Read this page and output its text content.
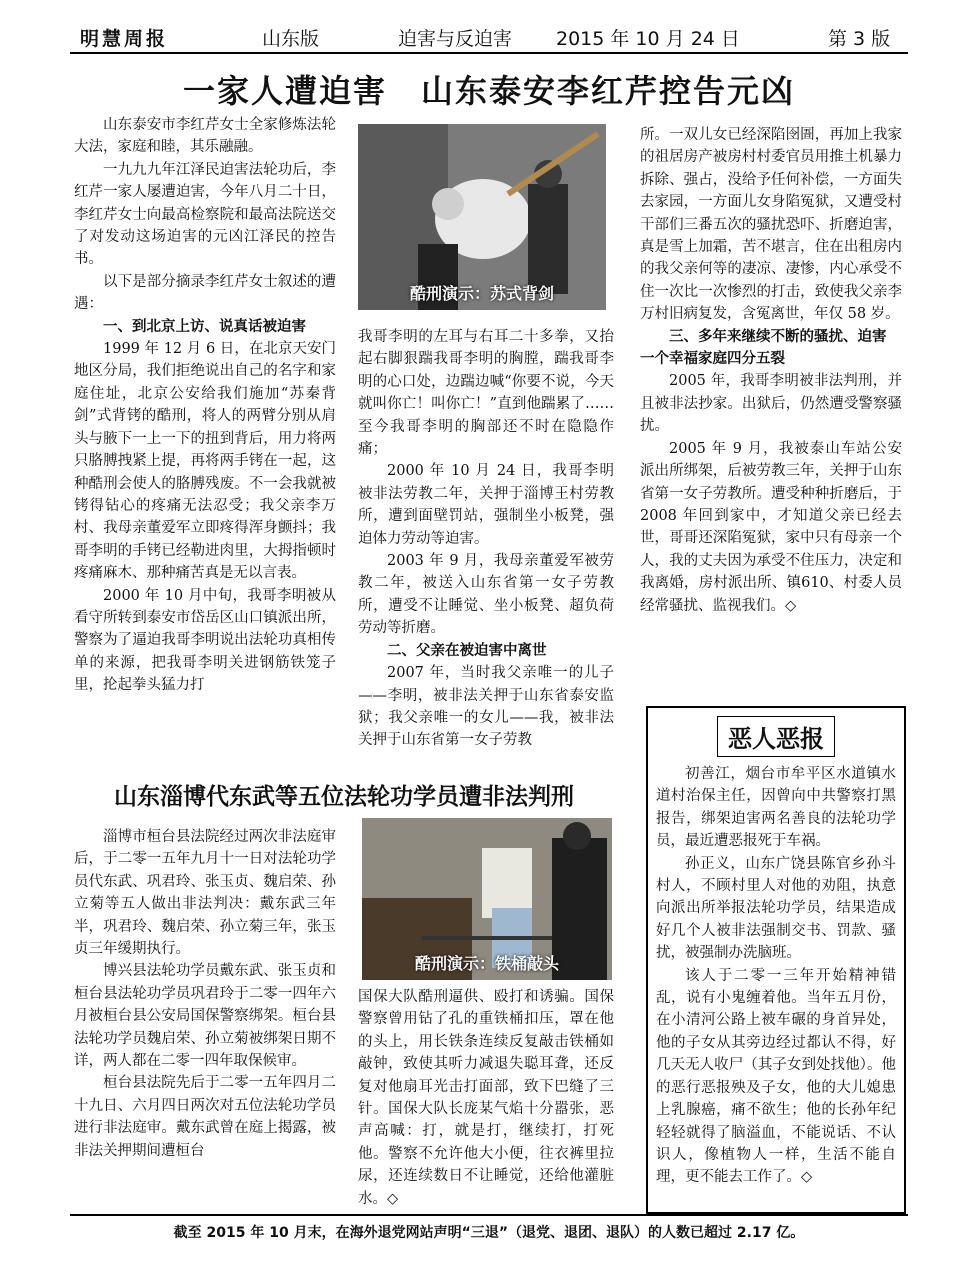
明慧周报	山东版	迫害与反迫害 2015 年 10 月 24 日	第 3 版
一家人遭迫害　山东泰安李红芹控告元凶

山东泰安市李红芹女士全家修炼法轮大法，家庭和睦，其乐融融。

一九九九年江泽民迫害法轮功后，李红芹一家人屡遭迫害，今年八月二十日，李红芹女士向最高检察院和最高法院送交了对发动这场迫害的元凶江泽民的控告书。

以下是部分摘录李红芹女士叙述的遭遇：

一、到北京上访、说真话被迫害

1999 年 12 月 6 日，在北京天安门地区分局，我们拒绝说出自己的名字和家庭住址，北京公安给我们施加“苏秦背剑”式背铐的酷刑，将人的两臂分别从肩头与腋下一上一下的扭到背后，用力将两只胳膊拽紧上提，再将两手铐在一起，这种酷刑会使人的胳膊残废。不一会我就被铐得钻心的疼痛无法忍受；我父亲李万村、我母亲董爱军立即疼得浑身颤抖；我哥李明的手铐已经勒进肉里，大拇指顿时疼痛麻木、那种痛苦真是无以言表。

2000 年 10 月中旬，我哥李明被从看守所转到泰安市岱岳区山口镇派出所，警察为了逼迫我哥李明说出法轮功真相传单的来源，把我哥李明关进钢筋铁笼子里，抡起拳头猛力打

酷刑演示：苏式背剑

我哥李明的左耳与右耳二十多拳，又抬起右脚狠踹我哥李明的胸膛，踹我哥李明的心口处，边踹边喊“你要不说，今天就叫你亡！叫你亡！”直到他踹累了……至今我哥李明的胸部还不时在隐隐作痛；

2000 年 10 月 24 日，我哥李明被非法劳教二年，关押于淄博王村劳教所，遭到面壁罚站，强制坐小板凳，强迫体力劳动等迫害。

2003 年 9 月，我母亲董爱军被劳教二年，被送入山东省第一女子劳教所，遭受不让睡觉、坐小板凳、超负荷劳动等折磨。

二、父亲在被迫害中离世

2007 年，当时我父亲唯一的儿子——李明，被非法关押于山东省泰安监狱；我父亲唯一的女儿——我，被非法关押于山东省第一女子劳教

所。一双儿女已经深陷囹圄，再加上我家的祖居房产被房村村委官员用推土机暴力拆除、强占，没给予任何补偿，一方面失去家园，一方面儿女身陷冤狱，又遭受村干部们三番五次的骚扰恐吓、折磨迫害，真是雪上加霜，苦不堪言，住在出租房内的我父亲何等的凄凉、凄惨，内心承受不住一次比一次惨烈的打击，致使我父亲李万村旧病复发，含冤离世，年仅 58 岁。

三、多年来继续不断的骚扰、迫害　一个幸福家庭四分五裂

2005 年，我哥李明被非法判刑，并且被非法抄家。出狱后，仍然遭受警察骚扰。

2005 年 9 月，我被泰山车站公安派出所绑架，后被劳教三年，关押于山东省第一女子劳教所。遭受种种折磨后，于 2008 年回到家中，才知道父亲已经去世，哥哥还深陷冤狱，家中只有母亲一个人，我的丈夫因为承受不住压力，决定和我离婚，房村派出所、镇610、村委人员经常骚扰、监视我们。◇

山东淄博代东武等五位法轮功学员遭非法判刑

淄博市桓台县法院经过两次非法庭审后，于二零一五年九月十一日对法轮功学员代东武、巩君玲、张玉贞、魏启荣、孙立菊等五人做出非法判决：戴东武三年半，巩君玲、魏启荣、孙立菊三年，张玉贞三年缓期执行。

博兴县法轮功学员戴东武、张玉贞和桓台县法轮功学员巩君玲于二零一四年六月被桓台县公安局国保警察绑架。桓台县法轮功学员魏启荣、孙立菊被绑架日期不详，两人都在二零一四年取保候审。

桓台县法院先后于二零一五年四月二十九日、六月四日两次对五位法轮功学员进行非法庭审。戴东武曾在庭上揭露，被非法关押期间遭桓台

酷刑演示：铁桶敲头

国保大队酷刑逼供、殴打和诱骗。国保警察曾用钻了孔的重铁桶扣压，罩在他的头上，用长铁条连续反复敲击铁桶如敲钟，致使其听力减退失聪耳聋，还反复对他扇耳光击打面部，致下巴缝了三针。国保大队长庞某气焰十分嚣张，恶声高喊：打，就是打，继续打，打死他。警察不允许他大小便，往衣裤里拉尿，还连续数日不让睡觉，还给他灌脏水。◇

恶人恶报

初善江，烟台市牟平区水道镇水道村治保主任，因曾向中共警察打黑报告，绑架迫害两名善良的法轮功学员，最近遭恶报死于车祸。

孙正义，山东广饶县陈官乡孙斗村人，不顾村里人对他的劝阻，执意向派出所举报法轮功学员，结果造成好几个人被非法强制交书、罚款、骚扰，被强制办洗脑班。

该人于二零一三年开始精神错乱，说有小鬼缠着他。当年五月份，在小清河公路上被车碾的身首异处，他的子女从其旁边经过都认不得，好几天无人收尸（其子女到处找他）。他的恶行恶报殃及子女，他的大儿媳患上乳腺癌，痛不欲生；他的长孙年纪轻轻就得了脑溢血，不能说话、不认识人，像植物人一样，生活不能自理，更不能去工作了。◇

截至 2015 年 10 月末，在海外退党网站声明“三退”（退党、退团、退队）的人数已超过 2.17 亿。
